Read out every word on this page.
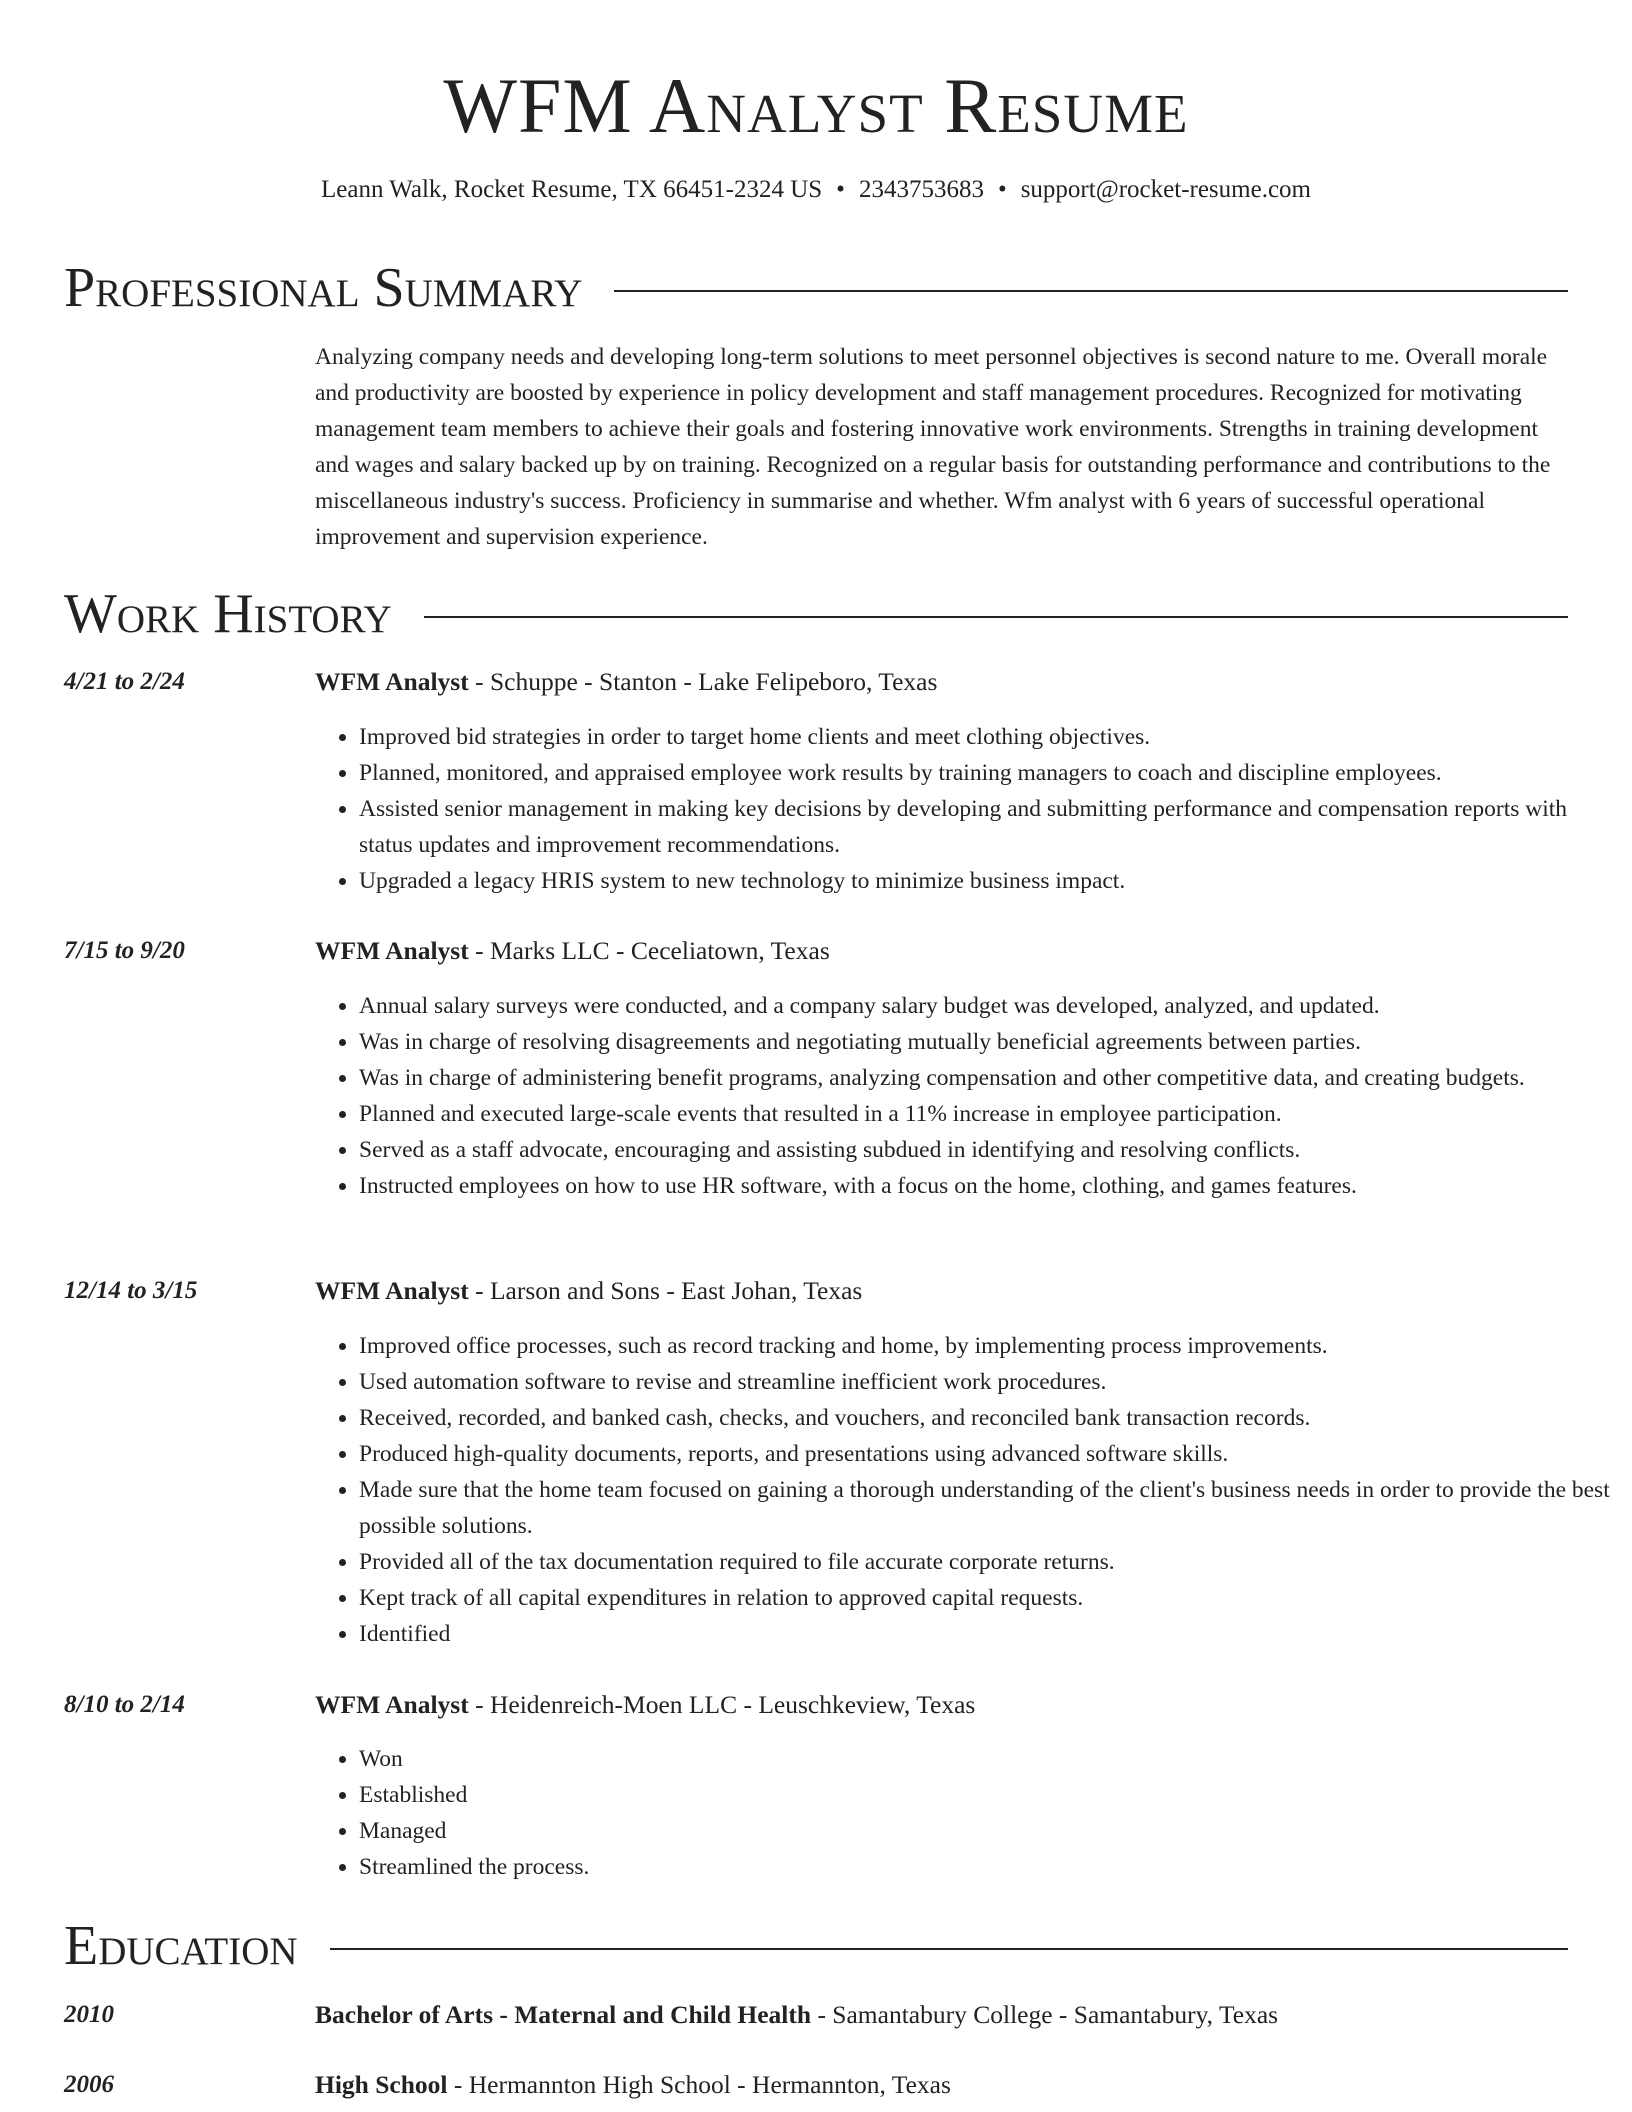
WFM Analyst Resume
Leann Walk, Rocket Resume, TX 66451-2324 US • 2343753683 • support@rocket-resume.com
Professional Summary

Analyzing company needs and developing long-term solutions to meet personnel objectives is second nature to me. Overall morale and productivity are boosted by experience in policy development and staff management procedures. Recognized for motivating management team members to achieve their goals and fostering innovative work environments. Strengths in training development and wages and salary backed up by on training. Recognized on a regular basis for outstanding performance and contributions to the miscellaneous industry's success. Proficiency in summarise and whether. Wfm analyst with 6 years of successful operational improvement and supervision experience.

Work History
4/21 to 2/24	WFM Analyst - Schuppe - Stanton - Lake Felipeboro, Texas
• Improved bid strategies in order to target home clients and meet clothing objectives.
• Planned, monitored, and appraised employee work results by training managers to coach and discipline employees.
• Assisted senior management in making key decisions by developing and submitting performance and compensation reports with status updates and improvement recommendations.
• Upgraded a legacy HRIS system to new technology to minimize business impact.
7/15 to 9/20	WFM Analyst - Marks LLC - Ceceliatown, Texas
• Annual salary surveys were conducted, and a company salary budget was developed, analyzed, and updated.
• Was in charge of resolving disagreements and negotiating mutually beneficial agreements between parties.
• Was in charge of administering benefit programs, analyzing compensation and other competitive data, and creating budgets.
• Planned and executed large-scale events that resulted in a 11% increase in employee participation.
• Served as a staff advocate, encouraging and assisting subdued in identifying and resolving conflicts.
• Instructed employees on how to use HR software, with a focus on the home, clothing, and games features.
12/14 to 3/15	WFM Analyst - Larson and Sons - East Johan, Texas
• Improved office processes, such as record tracking and home, by implementing process improvements.
• Used automation software to revise and streamline inefficient work procedures.
• Received, recorded, and banked cash, checks, and vouchers, and reconciled bank transaction records.
• Produced high-quality documents, reports, and presentations using advanced software skills.
• Made sure that the home team focused on gaining a thorough understanding of the client's business needs in order to provide the best possible solutions.
• Provided all of the tax documentation required to file accurate corporate returns.
• Kept track of all capital expenditures in relation to approved capital requests.
• Identified
8/10 to 2/14	WFM Analyst - Heidenreich-Moen LLC - Leuschkeview, Texas
• Won
• Established
• Managed
• Streamlined the process.
Education
2010	Bachelor of Arts - Maternal and Child Health - Samantabury College - Samantabury, Texas
2006	High School - Hermannton High School - Hermannton, Texas
